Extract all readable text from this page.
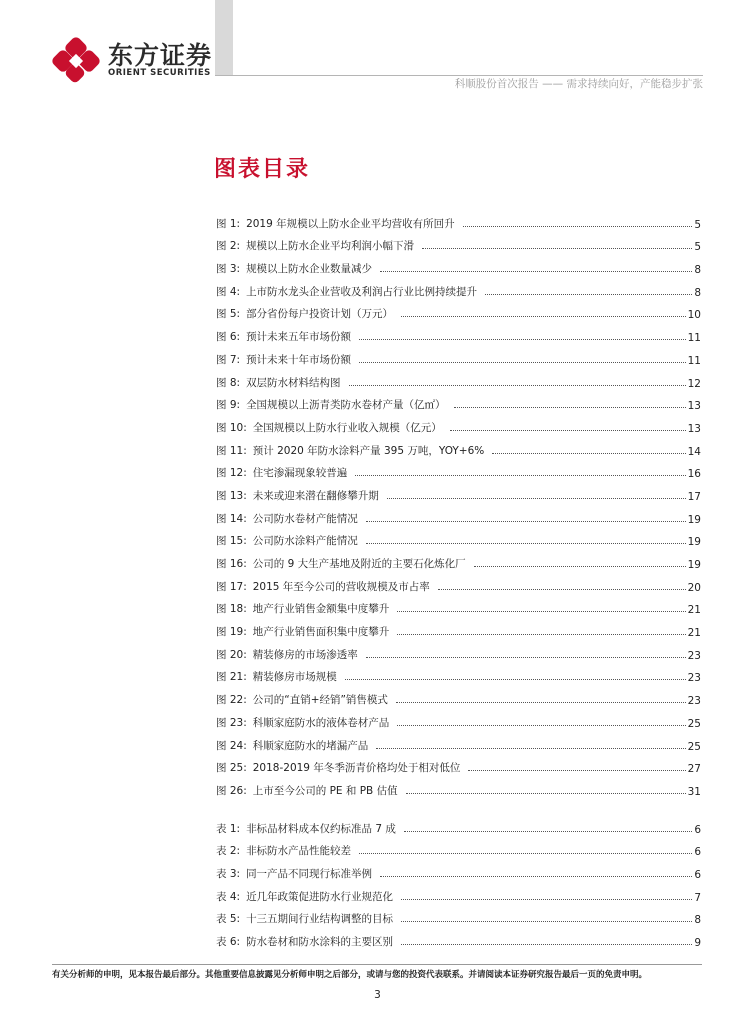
东方证券
ORIENT SECURITIES
科顺股份首次报告 —— 需求持续向好，产能稳步扩张
图表目录
图 1: 2019 年规模以上防水企业平均营收有所回升	5
图 2: 规模以上防水企业平均利润小幅下滑	5
图 3: 规模以上防水企业数量减少	8
图 4: 上市防水龙头企业营收及利润占行业比例持续提升	8
图 5: 部分省份每户投资计划（万元）	10
图 6: 预计未来五年市场份额	11
图 7: 预计未来十年市场份额	11
图 8: 双层防水材料结构图	12
图 9: 全国规模以上沥青类防水卷材产量（亿㎡）	13
图 10: 全国规模以上防水行业收入规模（亿元）	13
图 11: 预计 2020 年防水涂料产量 395 万吨，YOY+6%	14
图 12: 住宅渗漏现象较普遍	16
图 13: 未来或迎来潜在翻修攀升期	17
图 14: 公司防水卷材产能情况	19
图 15: 公司防水涂料产能情况	19
图 16: 公司的 9 大生产基地及附近的主要石化炼化厂	19
图 17: 2015 年至今公司的营收规模及市占率	20
图 18: 地产行业销售金额集中度攀升	21
图 19: 地产行业销售面积集中度攀升	21
图 20: 精装修房的市场渗透率	23
图 21: 精装修房市场规模	23
图 22: 公司的“直销+经销”销售模式	23
图 23: 科顺家庭防水的液体卷材产品	25
图 24: 科顺家庭防水的堵漏产品	25
图 25: 2018-2019 年冬季沥青价格均处于相对低位	27
图 26: 上市至今公司的 PE 和 PB 估值	31
表 1: 非标品材料成本仅约标准品 7 成	6
表 2: 非标防水产品性能较差	6
表 3: 同一产品不同现行标准举例	6
表 4: 近几年政策促进防水行业规范化	7
表 5: 十三五期间行业结构调整的目标	8
表 6: 防水卷材和防水涂料的主要区别	9
有关分析师的申明，见本报告最后部分。其他重要信息披露见分析师申明之后部分，或请与您的投资代表联系。并请阅读本证券研究报告最后一页的免责申明。
3
